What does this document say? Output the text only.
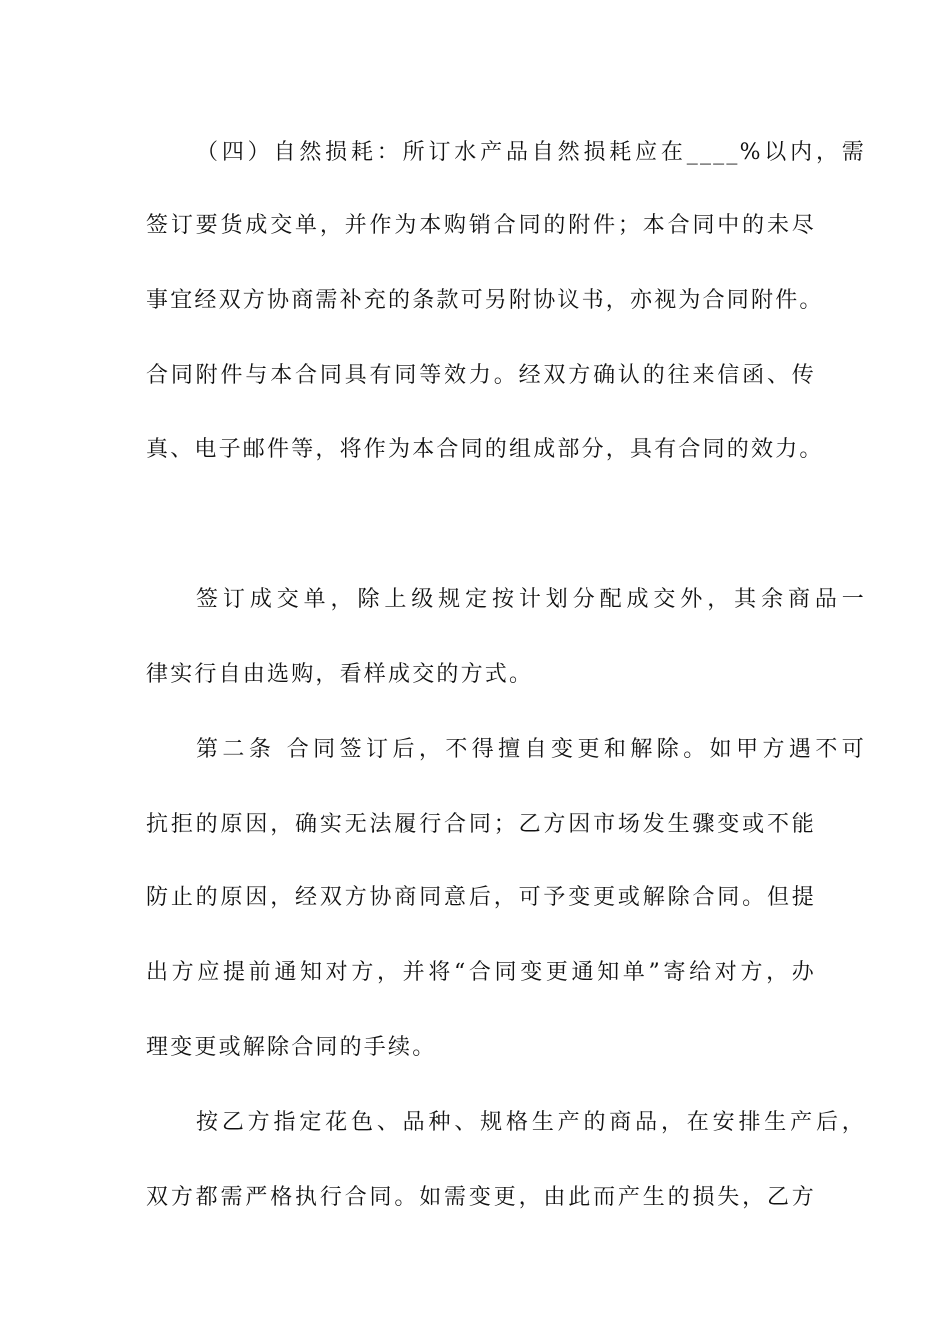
（四）自然损耗：所订水产品自然损耗应在____%以内，需

签订要货成交单，并作为本购销合同的附件；本合同中的未尽

事宜经双方协商需补充的条款可另附协议书，亦视为合同附件。

合同附件与本合同具有同等效力。经双方确认的往来信函、传

真、电子邮件等，将作为本合同的组成部分，具有合同的效力。

签订成交单，除上级规定按计划分配成交外，其余商品一

律实行自由选购，看样成交的方式。

第二条 合同签订后，不得擅自变更和解除。如甲方遇不可

抗拒的原因，确实无法履行合同；乙方因市场发生骤变或不能

防止的原因，经双方协商同意后，可予变更或解除合同。但提

出方应提前通知对方，并将“合同变更通知单”寄给对方，办

理变更或解除合同的手续。

按乙方指定花色、品种、规格生产的商品，在安排生产后，

双方都需严格执行合同。如需变更，由此而产生的损失，乙方
